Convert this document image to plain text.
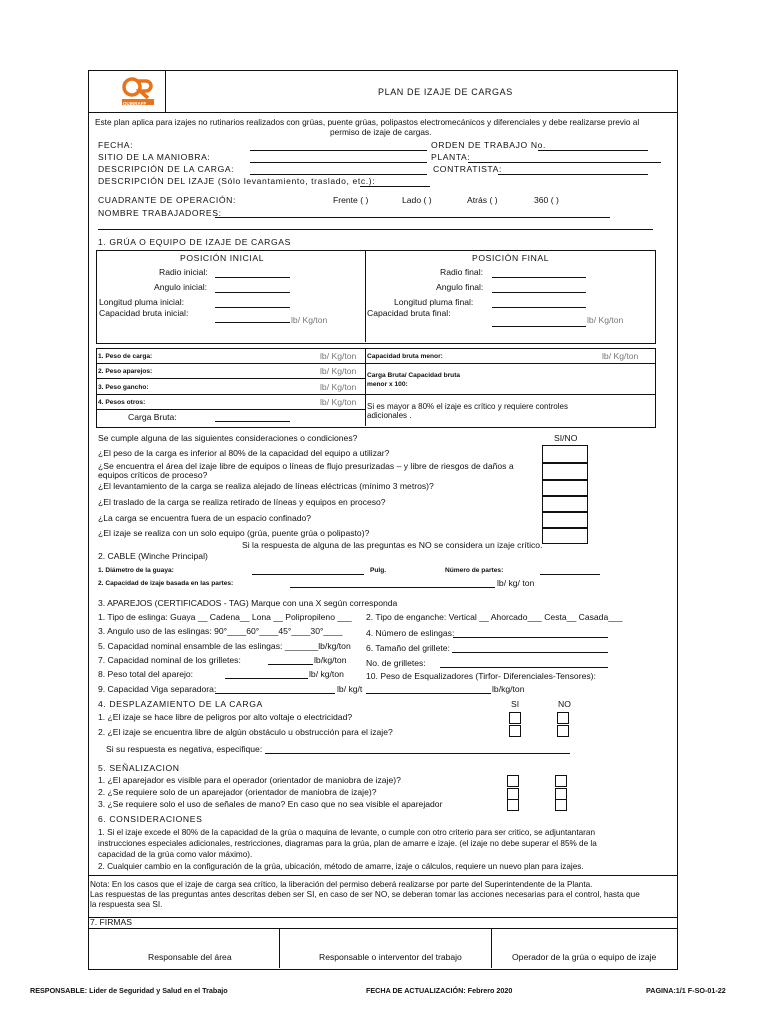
QUINRAFF
PLAN DE IZAJE DE CARGAS
Este plan aplica para izajes no rutinarios realizados con grúas, puente grúas, polipastos electromecánicos y diferenciales y debe realizarse previo al
permiso de izaje de cargas.
FECHA:	ORDEN DE TRABAJO No.
SITIO DE LA MANIOBRA:	PLANTA:
DESCRIPCIÓN DE LA CARGA:	CONTRATISTA:
DESCRIPCIÓN DEL IZAJE (Sólo levantamiento, traslado, etc.):
CUADRANTE DE OPERACIÓN:	Frente ( )	Lado ( )	Atrás ( )	360 ( )
NOMBRE TRABAJADORES:
1. GRÚA O EQUIPO DE IZAJE DE CARGAS
POSICIÓN INICIAL	POSICIÓN FINAL
Radio inicial:
Angulo inicial:
Longitud pluma inicial:
Capacidad bruta inicial:
lb/ Kg/ton
Radio final:
Angulo final:
Longitud pluma final:
Capacidad bruta final:
lb/ Kg/ton
1. Peso de carga:	lb/ Kg/ton
2. Peso aparejos:	lb/ Kg/ton
3. Peso gancho:	lb/ Kg/ton
4. Pesos otros:	lb/ Kg/ton
Carga Bruta:
Capacidad bruta menor:	lb/ Kg/ton
Carga Bruta/ Capacidad bruta
menor x 100:
Si es mayor a 80% el izaje es crítico y requiere controles
adicionales .
Se cumple alguna de las siguientes consideraciones o condiciones?	SI/NO
¿El peso de la carga es inferior al 80% de la capacidad del equipo a utilizar?
¿Se encuentra el área del izaje libre de equipos o líneas de flujo presurizadas – y libre de riesgos de daños a
equipos críticos de proceso?
¿El levantamiento de la carga se realiza alejado de líneas eléctricas (mínimo 3 metros)?
¿El traslado de la carga se realiza retirado de líneas y equipos en proceso?
¿La carga se encuentra fuera de un espacio confinado?
¿El izaje se realiza con un solo equipo (grúa, puente grúa o polipasto)?
Si la respuesta de alguna de las preguntas es NO se considera un izaje crítico.
2. CABLE (Winche Principal)
1. Diámetro de la guaya:	Pulg.	Número de partes:
2. Capacidad de izaje basada en las partes:	lb/ kg/ ton
3. APAREJOS (CERTIFICADOS - TAG) Marque con una X según corresponda
1. Tipo de eslinga: Guaya __ Cadena__ Lona __ Polipropileno ___ 2. Tipo de enganche: Vertical __ Ahorcado___ Cesta__ Casada___
3. Angulo uso de las eslingas: 90°____60°____45°____30°____	4. Número de eslingas:
5. Capacidad nominal ensamble de las eslingas: _______lb/kg/ton 6. Tamaño del grillete:
7. Capacidad nominal de los grilletes:	lb/kg/ton No. de grilletes:
8. Peso total del aparejo:	lb/ kg/ton	10. Peso de Esqualizadores (Tirfor- Diferenciales-Tensores):
9. Capacidad Viga separadora:	lb/ kg/t	lb/kg/ton
4. DESPLAZAMIENTO DE LA CARGA	SI	NO
1. ¿El izaje se hace libre de peligros por alto voltaje o electricidad?
2. ¿El izaje se encuentra libre de algún obstáculo u obstrucción para el izaje?
Si su respuesta es negativa, especifique:
5. SEÑALIZACION
1. ¿El aparejador es visible para el operador (orientador de maniobra de izaje)?
2. ¿Se requiere solo de un aparejador (orientador de maniobra de izaje)?
3. ¿Se requiere solo el uso de señales de mano? En caso que no sea visible el aparejador
6. CONSIDERACIONES
1. Si el izaje excede el 80% de la capacidad de la grúa o maquina de levante, o cumple con otro criterio para ser critico, se adjuntantaran
instrucciones especiales adicionales, restricciones, diagramas para la grúa, plan de amarre e izaje. (el izaje no debe superar el 85% de la
capacidad de la grúa como valor máximo).
2. Cualquier cambio en la configuración de la grúa, ubicación, método de amarre, izaje o cálculos, requiere un nuevo plan para izajes.
Nota: En los casos que el izaje de carga sea crítico, la liberación del permiso deberá realizarse por parte del Superintendente de la Planta.
Las respuestas de las preguntas antes descritas deben ser SI, en caso de ser NO, se deberan tomar las acciones necesarias para el control, hasta que
la respuesta sea SI.
7. FIRMAS
Responsable del área	Responsable o interventor del trabajo	Operador de la grúa o equipo de izaje
RESPONSABLE: Lider de Seguridad y Salud en el Trabajo	FECHA DE ACTUALIZACIÓN: Febrero 2020	PAGINA:1/1 F-SO-01-22
